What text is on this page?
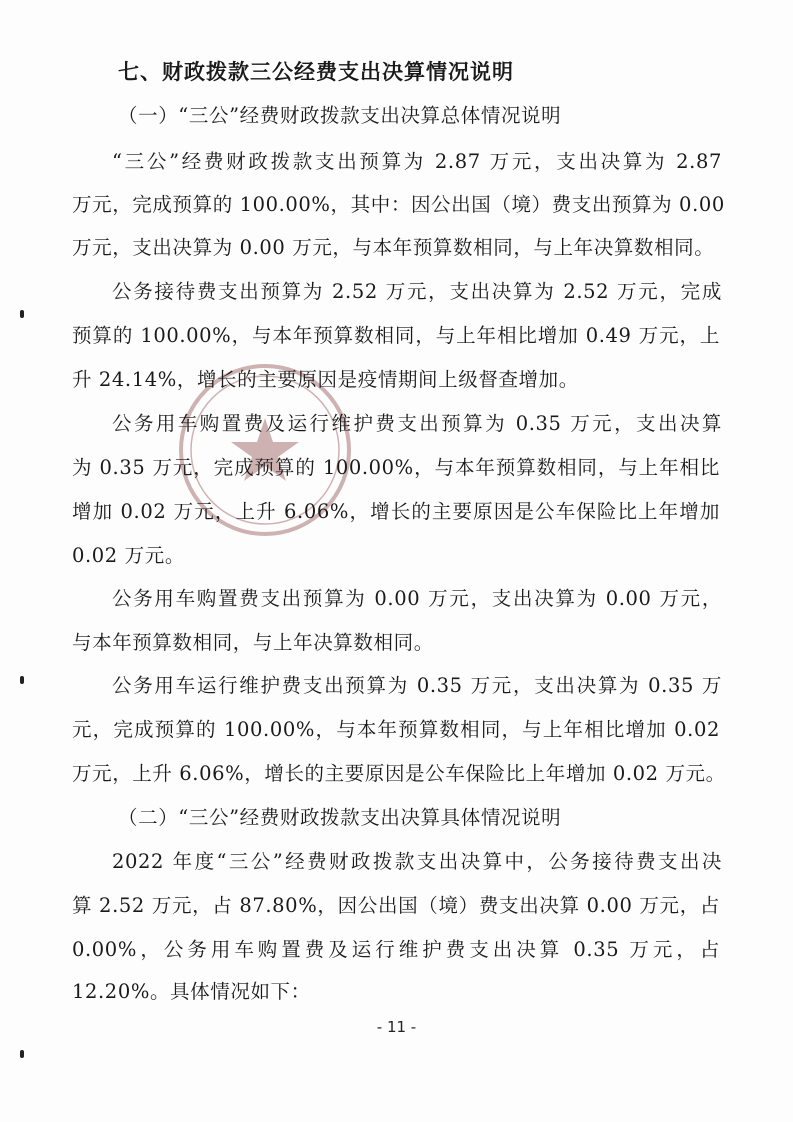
七、财政拨款三公经费支出决算情况说明
（一）“三公”经费财政拨款支出决算总体情况说明
“三公”经费财政拨款支出预算为 2.87 万元，支出决算为 2.87
万元，完成预算的 100.00%，其中：因公出国（境）费支出预算为 0.00
万元，支出决算为 0.00 万元，与本年预算数相同，与上年决算数相同。
公务接待费支出预算为 2.52 万元，支出决算为 2.52 万元，完成
预算的 100.00%，与本年预算数相同，与上年相比增加 0.49 万元，上
升 24.14%，增长的主要原因是疫情期间上级督查增加。
公务用车购置费及运行维护费支出预算为 0.35 万元，支出决算
为 0.35 万元，完成预算的 100.00%，与本年预算数相同，与上年相比
增加 0.02 万元，上升 6.06%，增长的主要原因是公车保险比上年增加
0.02 万元。
公务用车购置费支出预算为 0.00 万元，支出决算为 0.00 万元，
与本年预算数相同，与上年决算数相同。
公务用车运行维护费支出预算为 0.35 万元，支出决算为 0.35 万
元，完成预算的 100.00%，与本年预算数相同，与上年相比增加 0.02
万元，上升 6.06%，增长的主要原因是公车保险比上年增加 0.02 万元。
（二）“三公”经费财政拨款支出决算具体情况说明
2022 年度“三公”经费财政拨款支出决算中，公务接待费支出决
算 2.52 万元，占 87.80%，因公出国（境）费支出决算 0.00 万元，占
0.00%，公务用车购置费及运行维护费支出决算 0.35 万元，占
12.20%。具体情况如下：
- 11 -
